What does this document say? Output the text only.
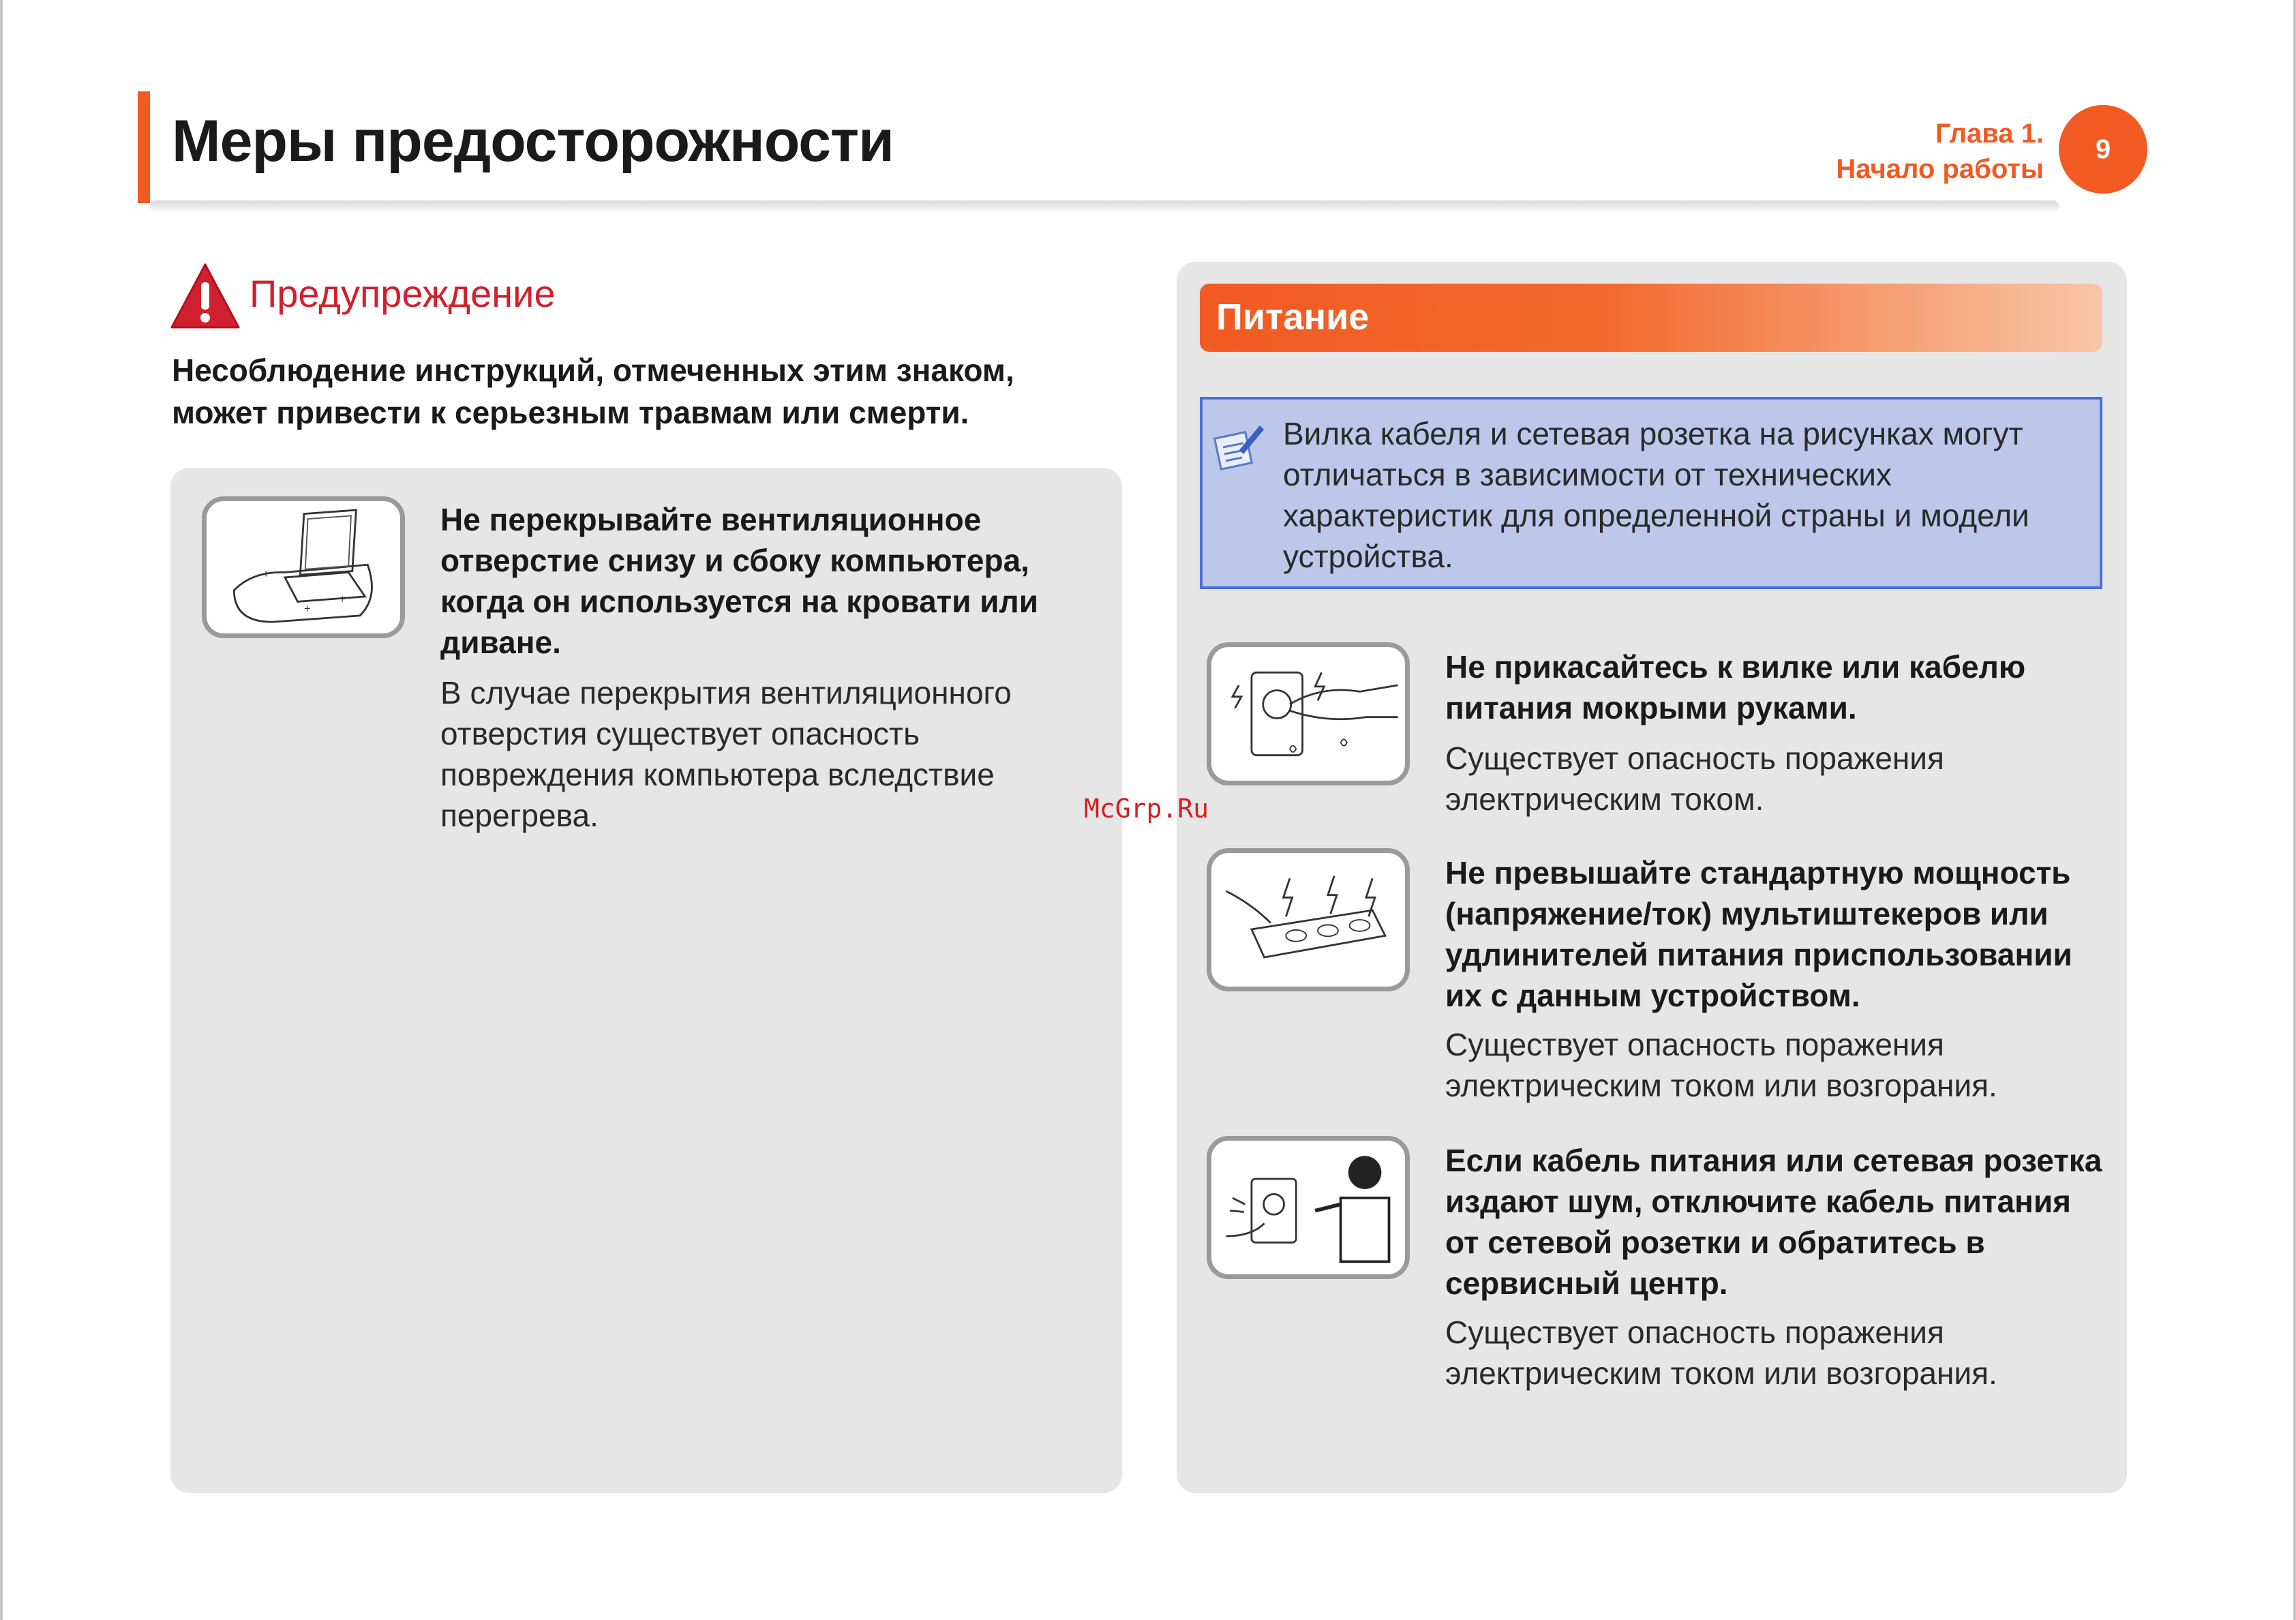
Меры предосторожности	Глава 1.
Начало работы
9
Предупреждение
Несоблюдение инструкций, отмеченных этим знаком, может привести к серьезным травмам или смерти.
+
+
+
Не перекрывайте вентиляционное отверстие снизу и сбоку компьютера, когда он используется на кровати или диване.
В случае перекрытия вентиляционного отверстия существует опасность повреждения компьютера вследствие перегрева.
Питание
Вилка кабеля и сетевая розетка на рисунках могут отличаться в зависимости от технических характеристик для определенной страны и модели устройства.
Не прикасайтесь к вилке или кабелю питания мокрыми руками.
Существует опасность поражения электрическим током.
Не превышайте стандартную мощность (напряжение/ток) мультиштекеров или удлинителей питания приспользовании их с данным устройством.
Существует опасность поражения электрическим током или возгорания.
Если кабель питания или сетевая розетка издают шум, отключите кабель питания от сетевой розетки и обратитесь в сервисный центр.
Существует опасность поражения электрическим током или возгорания.
McGrp.Ru
